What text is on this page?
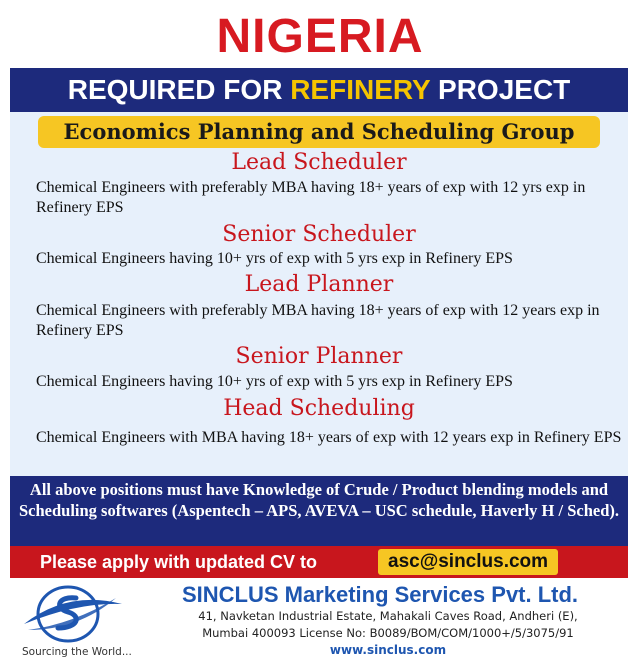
NIGERIA
REQUIRED FOR REFINERY PROJECT
Economics Planning and Scheduling Group
Lead Scheduler
Chemical Engineers with preferably MBA having 18+ years of exp with 12 yrs exp in Refinery EPS
Senior Scheduler
Chemical Engineers having 10+ yrs of exp with 5 yrs exp in Refinery EPS
Lead Planner
Chemical Engineers with preferably MBA having 18+ years of exp with 12 years exp in Refinery EPS
Senior Planner
Chemical Engineers having 10+ yrs of exp with 5 yrs exp in Refinery EPS
Head Scheduling
Chemical Engineers with MBA having 18+ years of exp with 12 years exp in Refinery EPS
All above positions must have Knowledge of Crude / Product blending models and Scheduling softwares (Aspentech – APS, AVEVA – USC schedule, Haverly H / Sched).
Please apply with updated CV to	asc@sinclus.com
Sourcing the World...
SINCLUS Marketing Services Pvt. Ltd.
41, Navketan Industrial Estate, Mahakali Caves Road, Andheri (E),
Mumbai 400093 License No: B0089/BOM/COM/1000+/5/3075/91
www.sinclus.com
